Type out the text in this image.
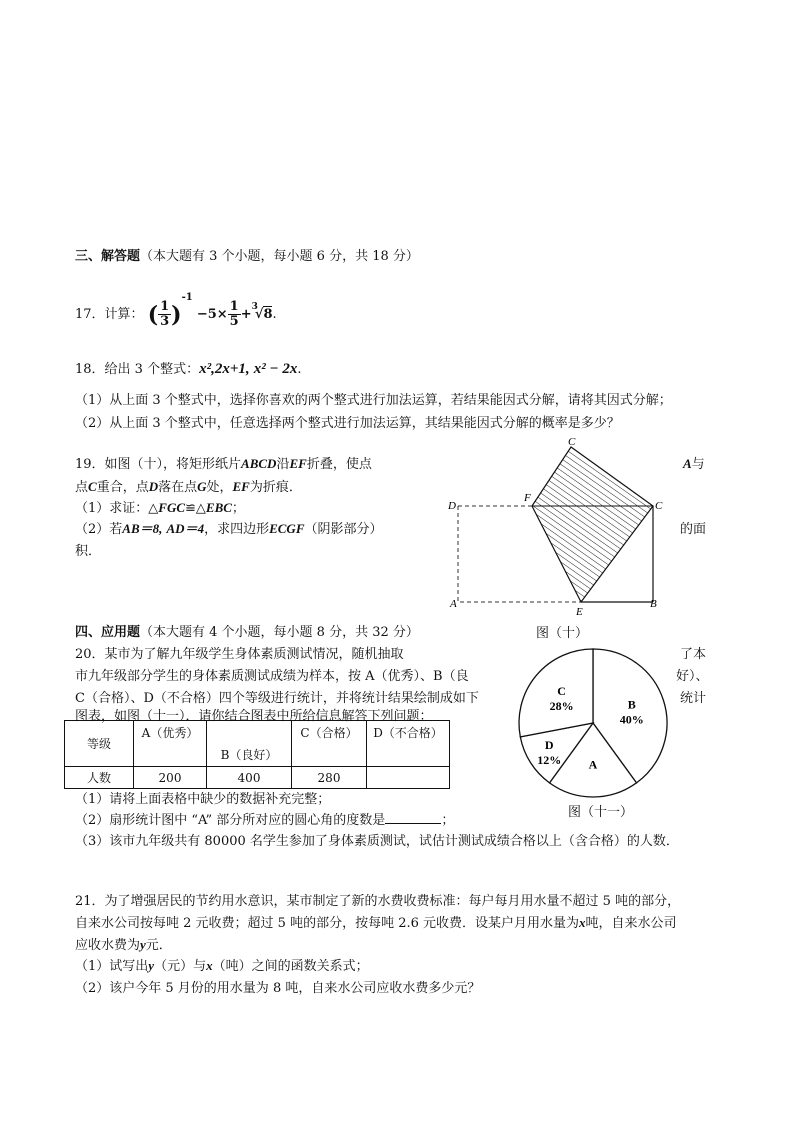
三、解答题（本大题有 3 个小题，每小题 6 分，共 18 分）
17．计算： ( $\frac{1}{3} )^{-1} -5\times \frac{1}{5} +^3√8$.
18．给出 3 个整式：x²,2x+1, x² − 2x.
（1）从上面 3 个整式中，选择你喜欢的两个整式进行加法运算，若结果能因式分解，请将其因式分解；
（2）从上面 3 个整式中，任意选择两个整式进行加法运算，其结果能因式分解的概率是多少？
19．如图（十），将矩形纸片ABCD沿EF折叠，使点	A与
点C重合，点D落在点G处，EF为折痕．
（1）求证：△FGC≌△EBC；
（2）若AB＝8, AD＝4，求四边形ECGF（阴影部分）	的面
积．
D
F
C
C
A
E
B
图（十）
四、应用题（本大题有 4 个小题，每小题 8 分，共 32 分）
20．某市为了解九年级学生身体素质测试情况，随机抽取	了本
市九年级部分学生的身体素质测试成绩为样本，按 A（优秀）、B（良	好）、
C（合格）、D（不合格）四个等级进行统计，并将统计结果绘制成如下	统计
图表，如图（十一）．请你结合图表中所给信息解答下列问题：
等级	A（优秀）	B（良好）	C（合格）	D（不合格）
人数	200	400	280	
（1）请将上面表格中缺少的数据补充完整；
（2）扇形统计图中 “A” 部分所对应的圆心角的度数是	；
（3）该市九年级共有 80000 名学生参加了身体素质测试，试估计测试成绩合格以上（含合格）的人数．
B
40%
A
D
12%
C
28%
图（十一）
21．为了增强居民的节约用水意识，某市制定了新的水费收费标准：每户每月用水量不超过 5 吨的部分，
自来水公司按每吨 2 元收费；超过 5 吨的部分，按每吨 2.6 元收费．设某户月用水量为x吨，自来水公司
应收水费为y元．
（1）试写出y（元）与x（吨）之间的函数关系式；
（2）该户今年 5 月份的用水量为 8 吨，自来水公司应收水费多少元？
